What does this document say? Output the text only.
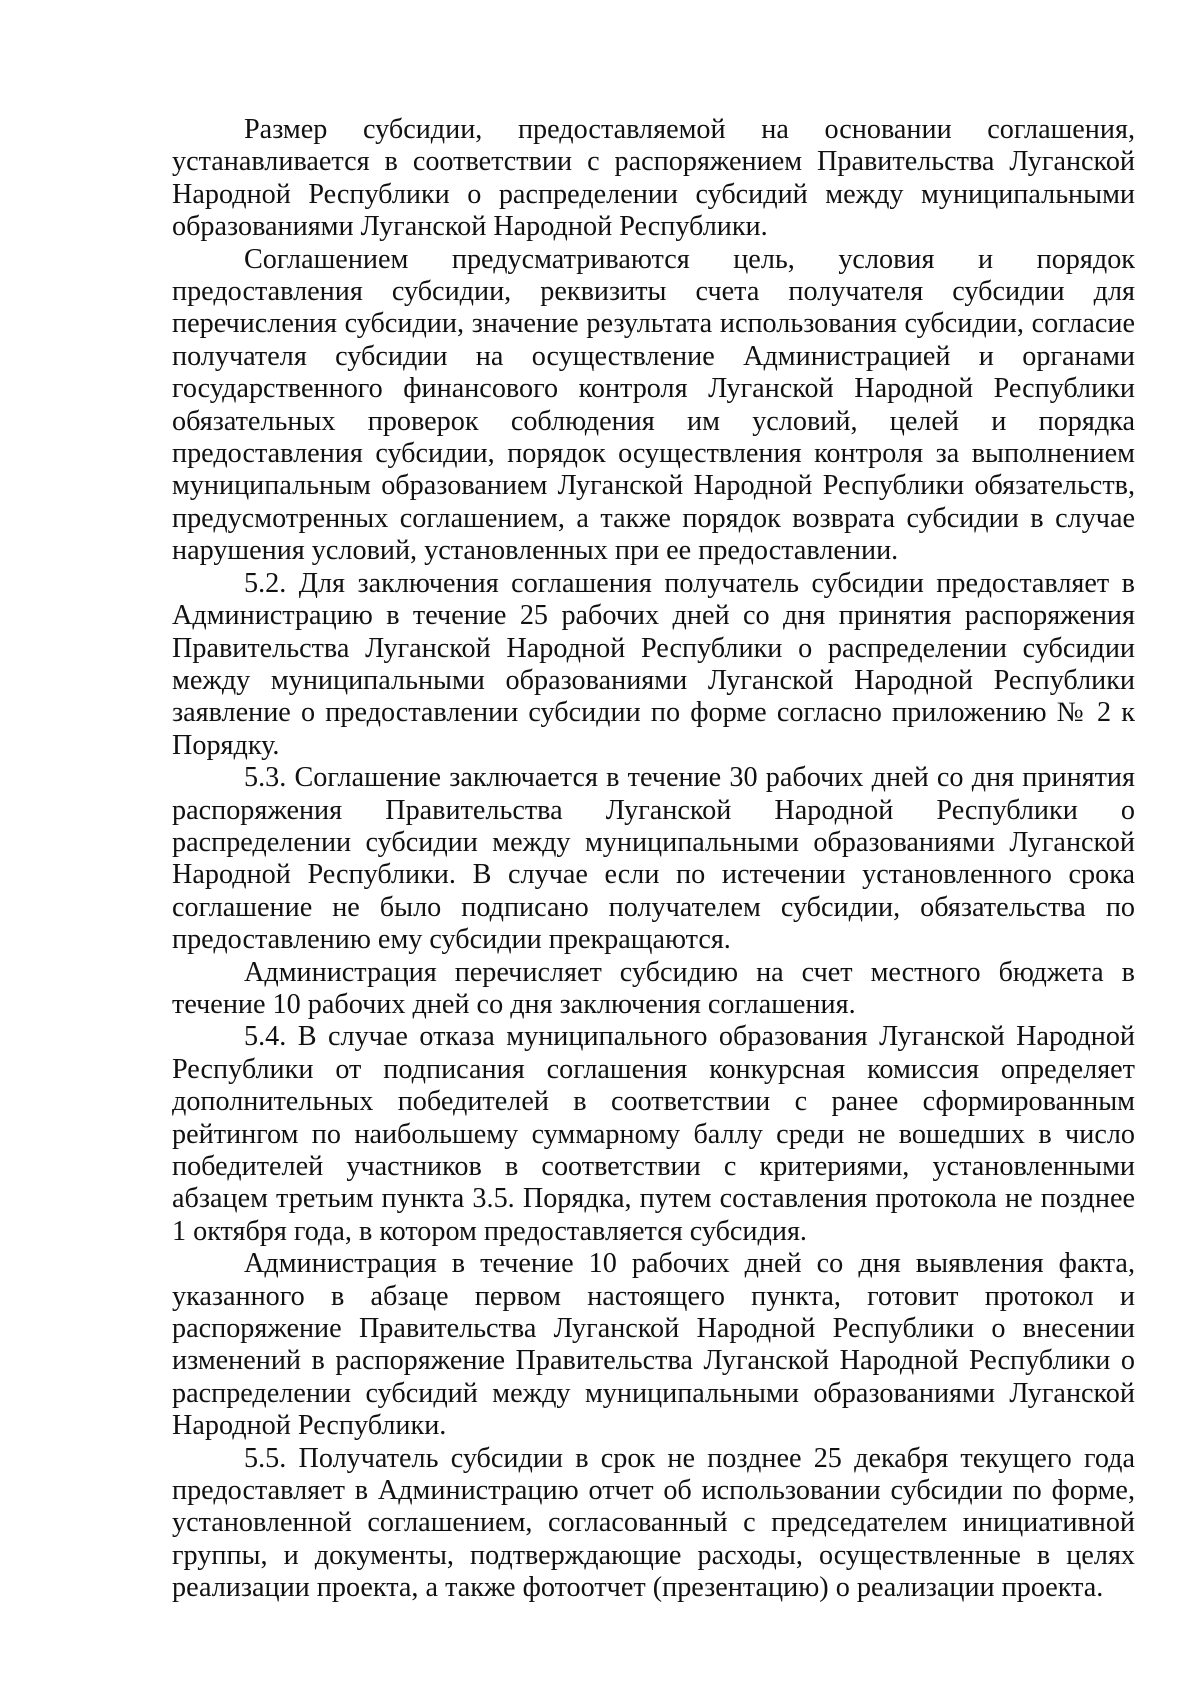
Размер субсидии, предоставляемой на основании соглашения, устанавливается в соответствии с распоряжением Правительства Луганской Народной Республики о распределении субсидий между муниципальными образованиями Луганской Народной Республики.

Соглашением предусматриваются цель, условия и порядок предоставления субсидии, реквизиты счета получателя субсидии для перечисления субсидии, значение результата использования субсидии, согласие получателя субсидии на осуществление Администрацией и органами государственного финансового контроля Луганской Народной Республики обязательных проверок соблюдения им условий, целей и порядка предоставления субсидии, порядок осуществления контроля за выполнением муниципальным образованием Луганской Народной Республики обязательств, предусмотренных соглашением, а также порядок возврата субсидии в случае нарушения условий, установленных при ее предоставлении.

5.2. Для заключения соглашения получатель субсидии предоставляет в Администрацию в течение 25 рабочих дней со дня принятия распоряжения Правительства Луганской Народной Республики о распределении субсидии между муниципальными образованиями Луганской Народной Республики заявление о предоставлении субсидии по форме согласно приложению № 2 к Порядку.

5.3. Соглашение заключается в течение 30 рабочих дней со дня принятия распоряжения Правительства Луганской Народной Республики о распределении субсидии между муниципальными образованиями Луганской Народной Республики. В случае если по истечении установленного срока соглашение не было подписано получателем субсидии, обязательства по предоставлению ему субсидии прекращаются.

Администрация перечисляет субсидию на счет местного бюджета в течение 10 рабочих дней со дня заключения соглашения.

5.4. В случае отказа муниципального образования Луганской Народной Республики от подписания соглашения конкурсная комиссия определяет дополнительных победителей в соответствии с ранее сформированным рейтингом по наибольшему суммарному баллу среди не вошедших в число победителей участников в соответствии с критериями, установленными абзацем третьим пункта 3.5. Порядка, путем составления протокола не позднее 1 октября года, в котором предоставляется субсидия.

Администрация в течение 10 рабочих дней со дня выявления факта, указанного в абзаце первом настоящего пункта, готовит протокол и распоряжение Правительства Луганской Народной Республики о внесении изменений в распоряжение Правительства Луганской Народной Республики о распределении субсидий между муниципальными образованиями Луганской Народной Республики.

5.5. Получатель субсидии в срок не позднее 25 декабря текущего года предоставляет в Администрацию отчет об использовании субсидии по форме, установленной соглашением, согласованный с председателем инициативной группы, и документы, подтверждающие расходы, осуществленные в целях реализации проекта, а также фотоотчет (презентацию) о реализации проекта.
